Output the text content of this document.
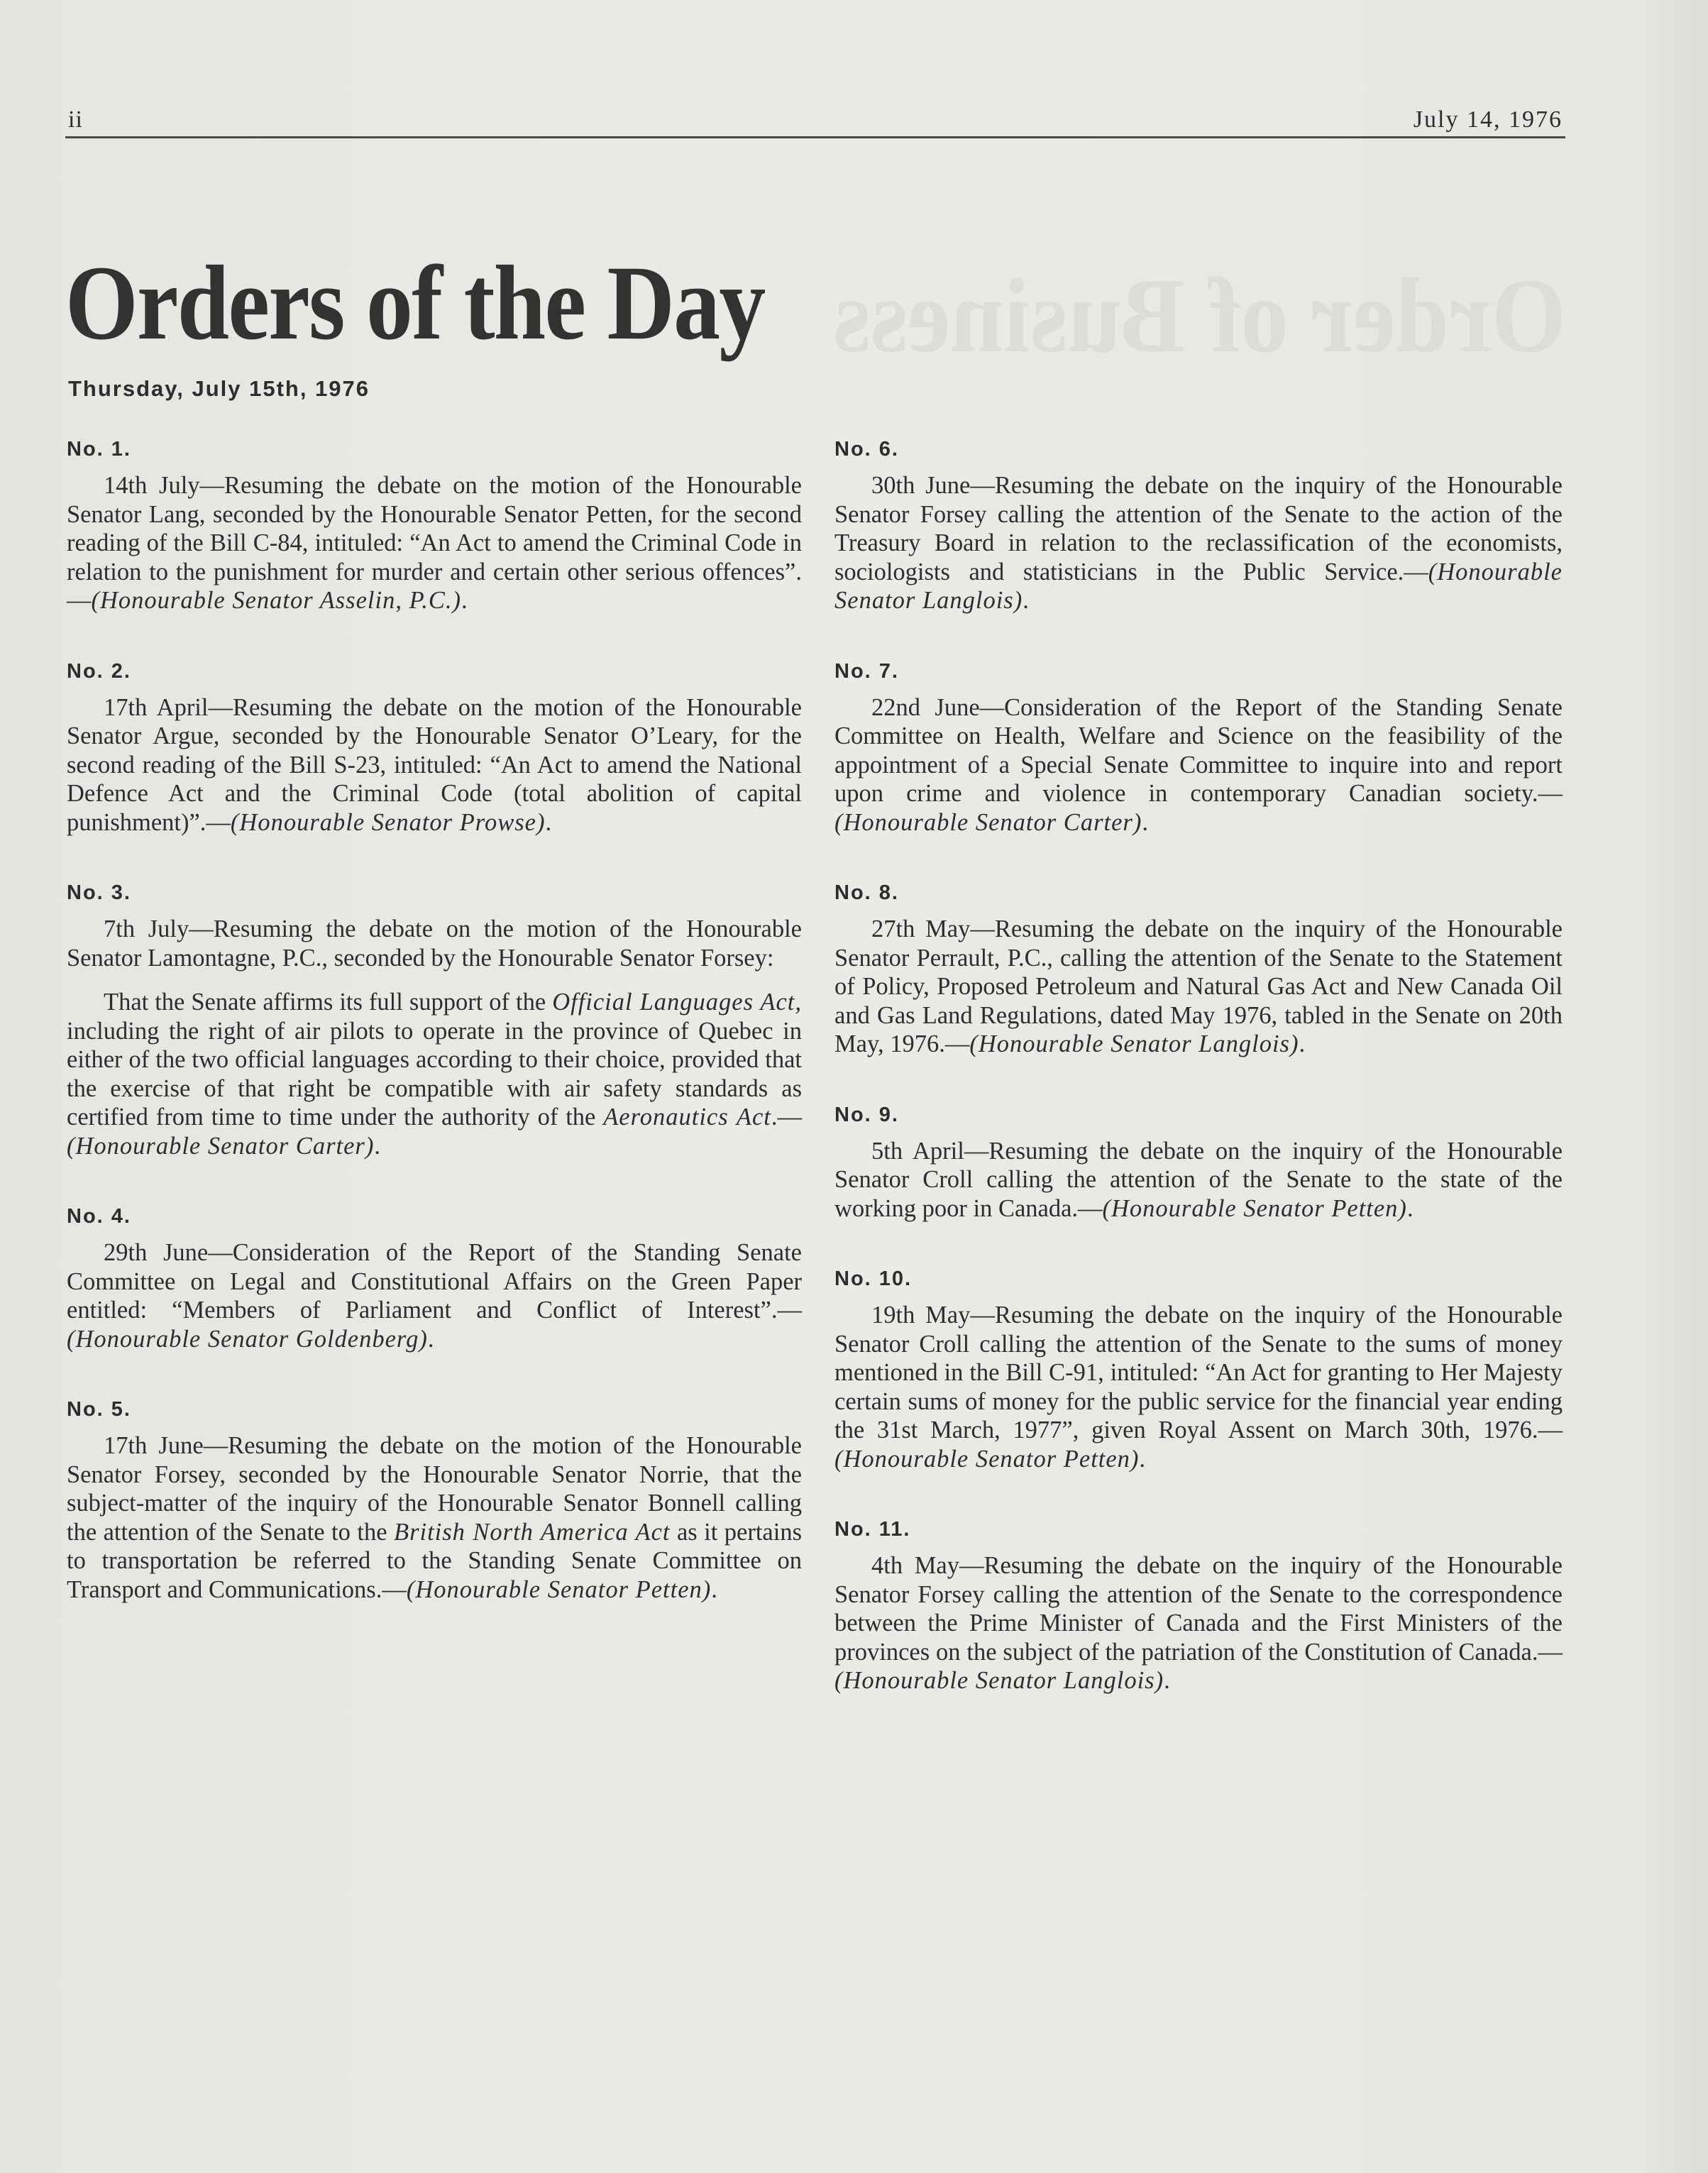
ii	July 14, 1976
Order of Business
Orders of the Day
Thursday, July 15th, 1976
No. 1.

14th July—Resuming the debate on the motion of the Honourable Senator Lang, seconded by the Honourable Senator Petten, for the second reading of the Bill C-84, intituled: “An Act to amend the Criminal Code in relation to the punishment for murder and certain other serious offences”.—(Honourable Senator Asselin, P.C.).

No. 2.

17th April—Resuming the debate on the motion of the Honourable Senator Argue, seconded by the Honourable Senator O’Leary, for the second reading of the Bill S-23, intituled: “An Act to amend the National Defence Act and the Criminal Code (total abolition of capital punishment)”.—(Honourable Senator Prowse).

No. 3.

7th July—Resuming the debate on the motion of the Honourable Senator Lamontagne, P.C., seconded by the Honourable Senator Forsey:

That the Senate affirms its full support of the Official Languages Act, including the right of air pilots to operate in the province of Quebec in either of the two official languages according to their choice, provided that the exercise of that right be compatible with air safety standards as certified from time to time under the authority of the Aeronautics Act.—(Honourable Senator Carter).

No. 4.

29th June—Consideration of the Report of the Standing Senate Committee on Legal and Constitutional Affairs on the Green Paper entitled: “Members of Parliament and Conflict of Interest”.—(Honourable Senator Goldenberg).

No. 5.

17th June—Resuming the debate on the motion of the Honourable Senator Forsey, seconded by the Honourable Senator Norrie, that the subject-matter of the inquiry of the Honourable Senator Bonnell calling the attention of the Senate to the British North America Act as it pertains to transportation be referred to the Standing Senate Committee on Transport and Communications.—(Honourable Senator Petten).

No. 6.

30th June—Resuming the debate on the inquiry of the Honourable Senator Forsey calling the attention of the Senate to the action of the Treasury Board in relation to the reclassification of the economists, sociologists and statisticians in the Public Service.—(Honourable Senator Langlois).

No. 7.

22nd June—Consideration of the Report of the Standing Senate Committee on Health, Welfare and Science on the feasibility of the appointment of a Special Senate Committee to inquire into and report upon crime and violence in contemporary Canadian society.—(Honourable Senator Carter).

No. 8.

27th May—Resuming the debate on the inquiry of the Honourable Senator Perrault, P.C., calling the attention of the Senate to the Statement of Policy, Proposed Petroleum and Natural Gas Act and New Canada Oil and Gas Land Regulations, dated May 1976, tabled in the Senate on 20th May, 1976.—(Honourable Senator Langlois).

No. 9.

5th April—Resuming the debate on the inquiry of the Honourable Senator Croll calling the attention of the Senate to the state of the working poor in Canada.—(Honourable Senator Petten).

No. 10.

19th May—Resuming the debate on the inquiry of the Honourable Senator Croll calling the attention of the Senate to the sums of money mentioned in the Bill C-91, intituled: “An Act for granting to Her Majesty certain sums of money for the public service for the financial year ending the 31st March, 1977”, given Royal Assent on March 30th, 1976.—(Honourable Senator Petten).

No. 11.

4th May—Resuming the debate on the inquiry of the Honourable Senator Forsey calling the attention of the Senate to the correspondence between the Prime Minister of Canada and the First Ministers of the provinces on the subject of the patriation of the Constitution of Canada.—(Honourable Senator Langlois).
